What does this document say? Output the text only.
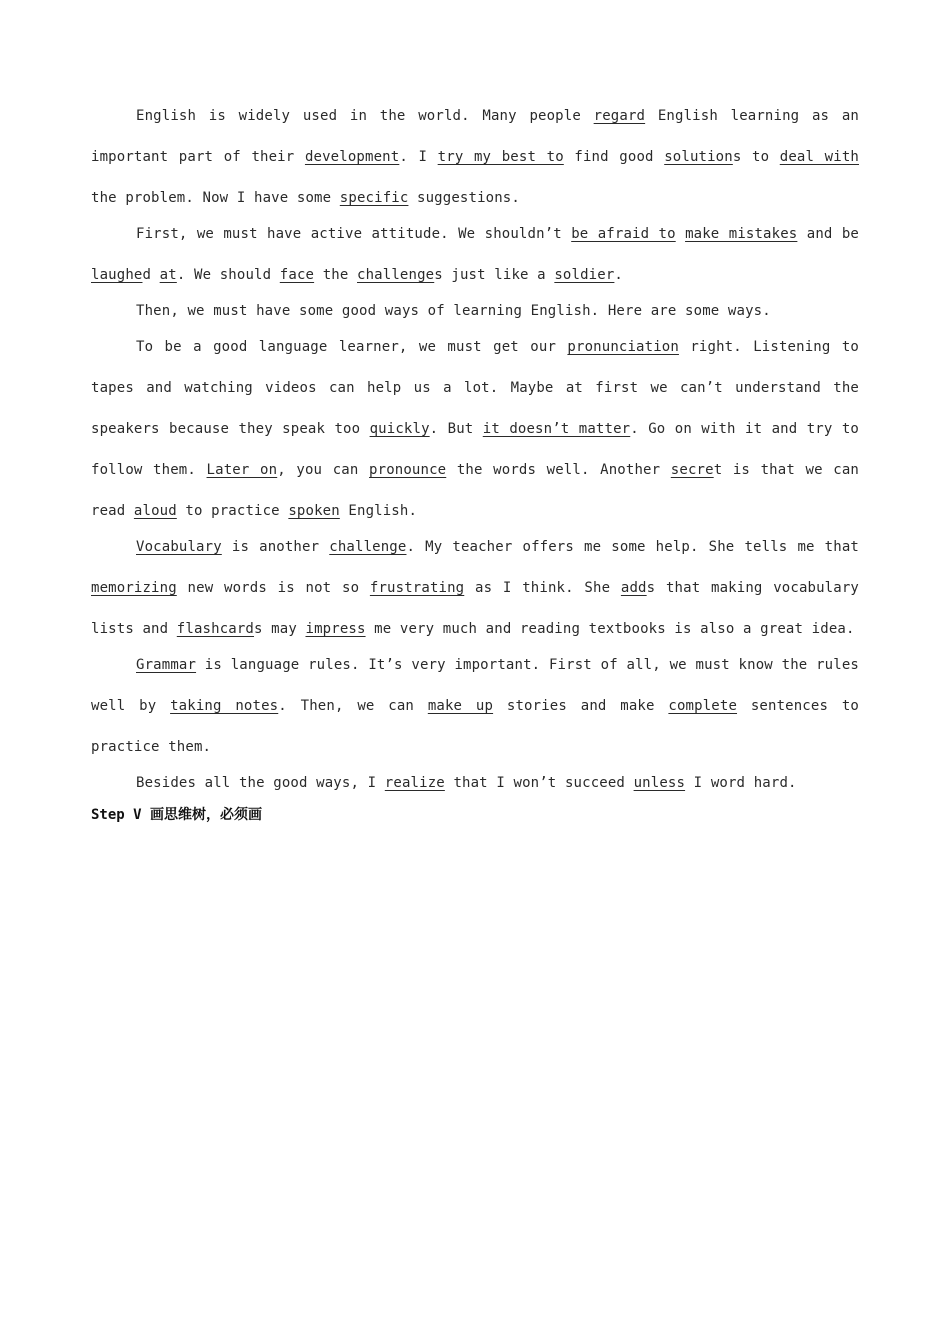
English is widely used in the world. Many people regard English learning as an important part of their development. I try my best to find good solutions to deal with the problem. Now I have some specific suggestions.

First, we must have active attitude. We shouldn’t be afraid to make mistakes and be laughed at. We should face the challenges just like a soldier.

Then, we must have some good ways of learning English. Here are some ways.

To be a good language learner, we must get our pronunciation right. Listening to tapes and watching videos can help us a lot. Maybe at first we can’t understand the speakers because they speak too quickly. But it doesn’t matter. Go on with it and try to follow them. Later on, you can pronounce the words well. Another secret is that we can read aloud to practice spoken English.

Vocabulary is another challenge. My teacher offers me some help. She tells me that memorizing new words is not so frustrating as I think. She adds that making vocabulary lists and flashcards may impress me very much and reading textbooks is also a great idea.

Grammar is language rules. It’s very important. First of all, we must know the rules well by taking notes. Then, we can make up stories and make complete sentences to practice them.

Besides all the good ways, I realize that I won’t succeed unless I word hard.

Step V 画思维树，必须画
